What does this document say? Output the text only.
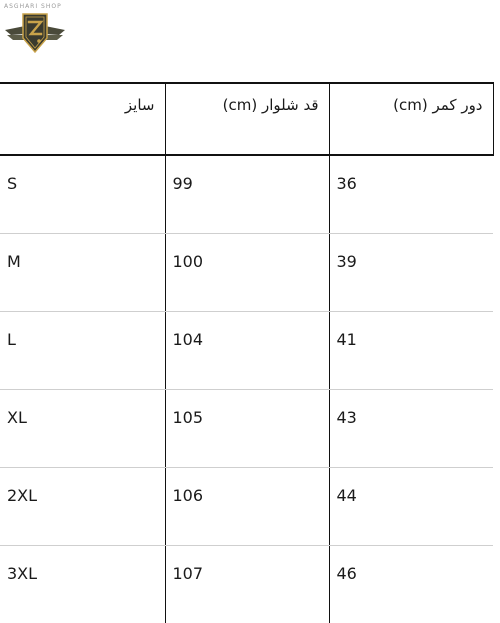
ASGHARI SHOP
سایز	قد شلوار (cm)	دور کمر (cm)
S	99	36
M	100	39
L	104	41
XL	105	43
2XL	106	44
3XL	107	46
